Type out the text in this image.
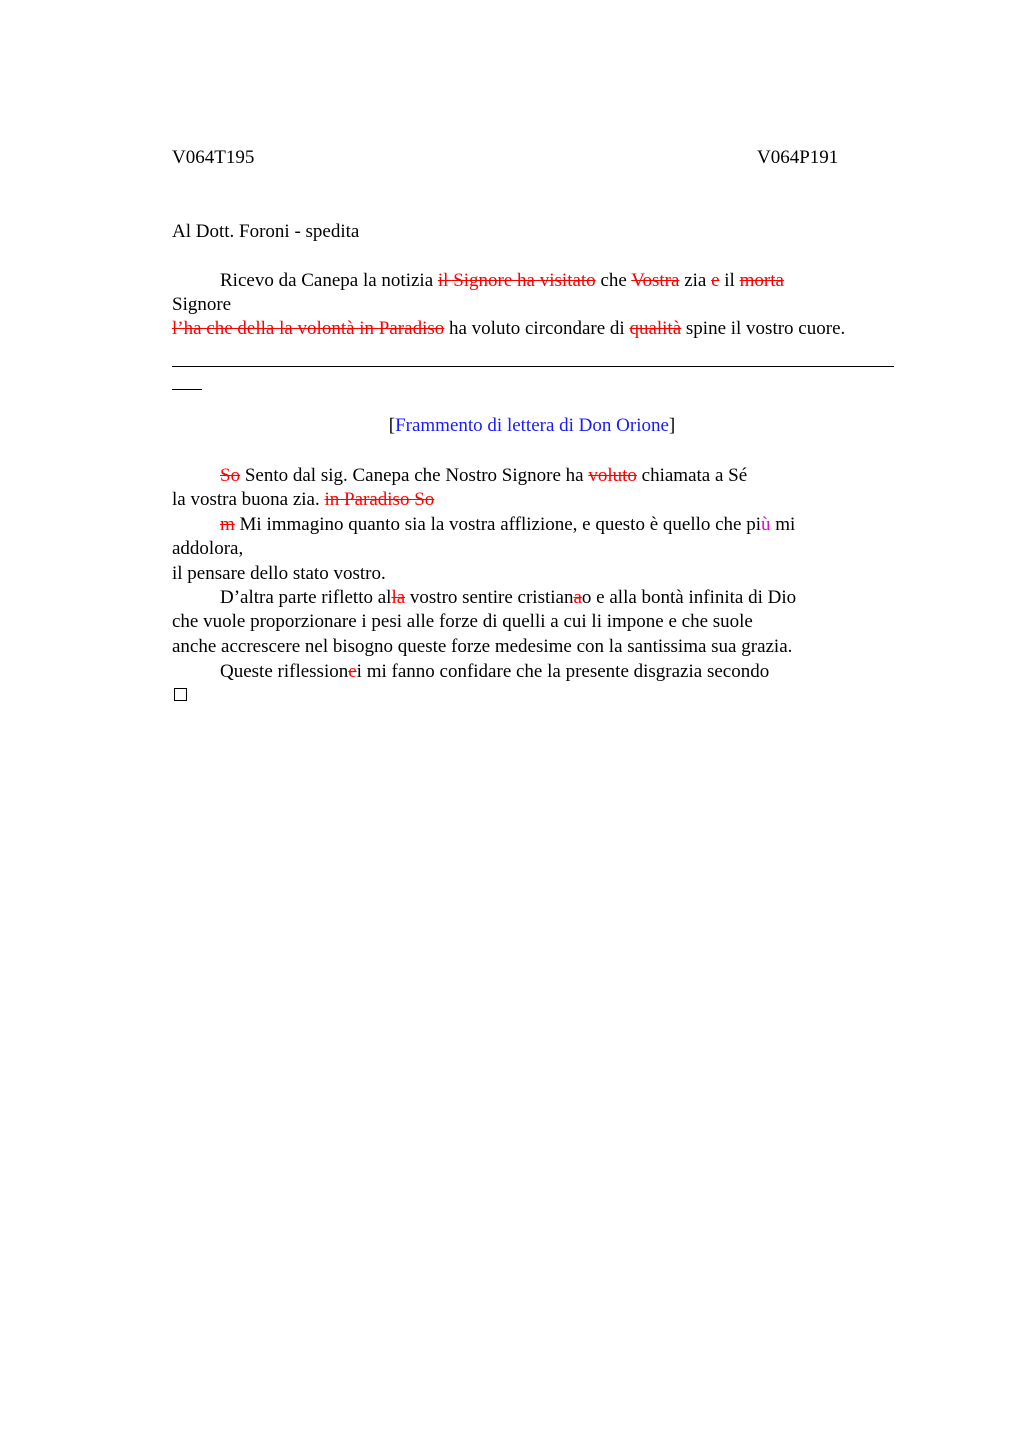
V064T195	V064P191
Al Dott. Foroni - spedita
Ricevo da Canepa la notizia il Signore ha visitato che Vostra zia e il morta
Signore
l’ha che della la volontà in Paradiso ha voluto circondare di qualità spine il vostro cuore.
[Frammento di lettera di Don Orione]
So Sento dal sig. Canepa che Nostro Signore ha voluto chiamata a Sé
la vostra buona zia. in Paradiso So
m Mi immagino quanto sia la vostra afflizione, e questo è quello che più mi
addolora,
il pensare dello stato vostro.
D’altra parte rifletto alla vostro sentire cristianao e alla bontà infinita di Dio
che vuole proporzionare i pesi alle forze di quelli a cui li impone e che suole
anche accrescere nel bisogno queste forze medesime con la santissima sua grazia.
Queste riflessionei mi fanno confidare che la presente disgrazia secondo
